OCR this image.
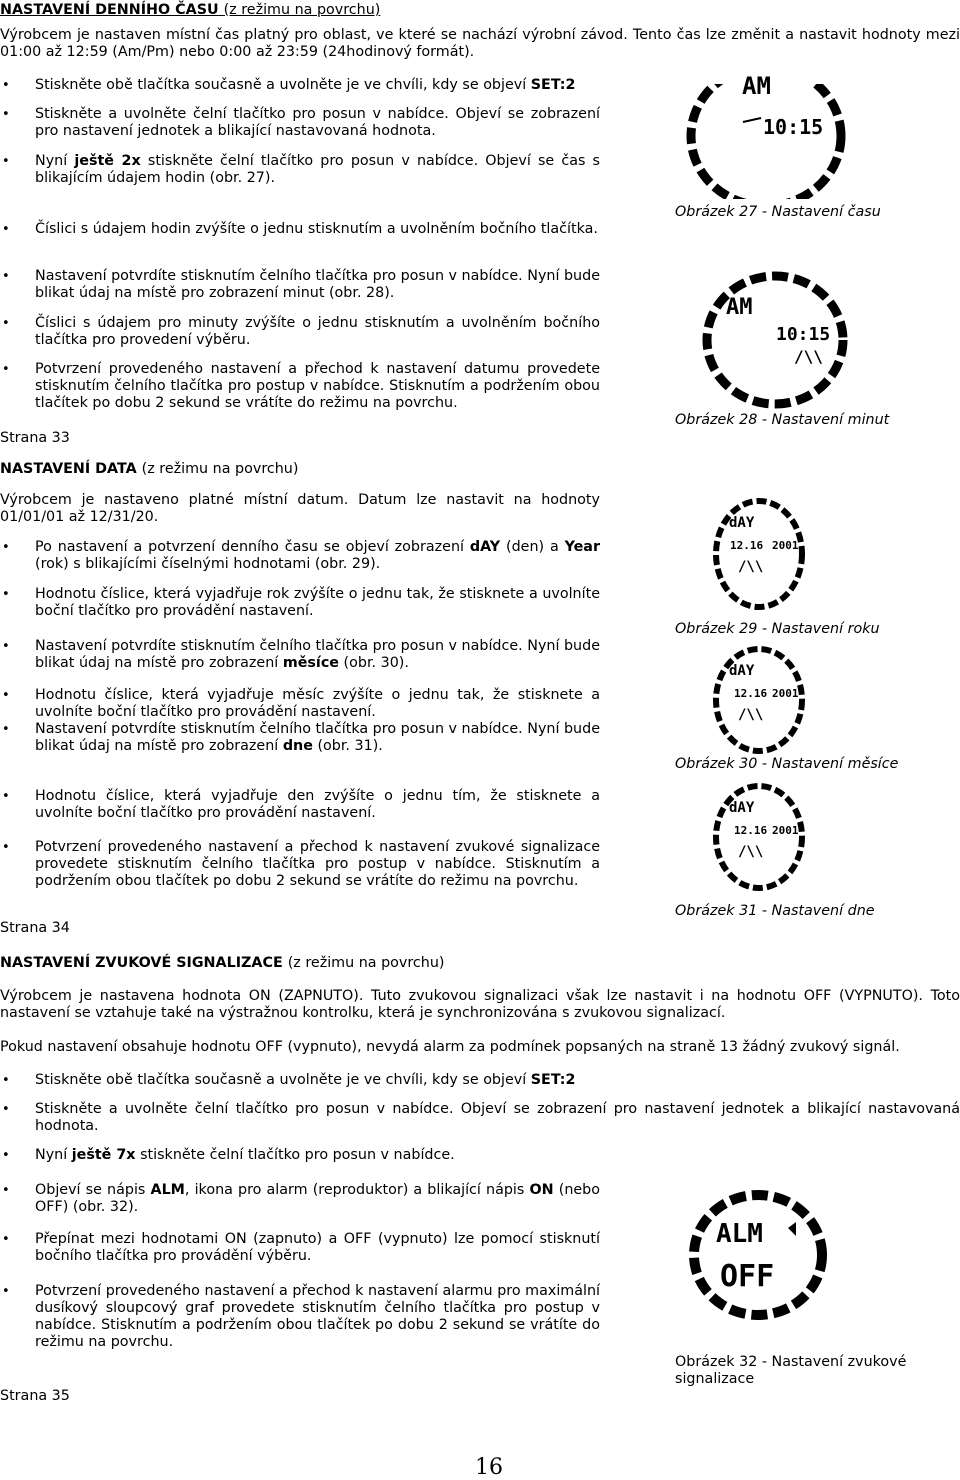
NASTAVENÍ DENNÍHO ČASU (z režimu na povrchu)

Výrobcem je nastaven místní čas platný pro oblast, ve které se nachází výrobní závod. Tento čas lze změnit a nastavit hodnoty mezi 01:00 až 12:59 (Am/Pm) nebo 0:00 až 23:59 (24hodinový formát).

• Stiskněte obě tlačítka současně a uvolněte je ve chvíli, kdy se objeví SET:2
• Stiskněte a uvolněte čelní tlačítko pro posun v nabídce. Objeví se zobrazení pro nastavení jednotek a blikající nastavovaná hodnota.
• Nyní ještě 2x stiskněte čelní tlačítko pro posun v nabídce. Objeví se čas s blikajícím údajem hodin (obr. 27).
• Číslici s údajem hodin zvýšíte o jednu stisknutím a uvolněním bočního tlačítka.
• Nastavení potvrdíte stisknutím čelního tlačítka pro posun v nabídce. Nyní bude blikat údaj na místě pro zobrazení minut (obr. 28).
• Číslici s údajem pro minuty zvýšíte o jednu stisknutím a uvolněním bočního tlačítka pro provedení výběru.
• Potvrzení provedeného nastavení a přechod k nastavení datumu provedete stisknutím čelního tlačítka pro postup v nabídce. Stisknutím a podržením obou tlačítek po dobu 2 sekund se vrátíte do režimu na povrchu.
Strana 33
NASTAVENÍ DATA (z režimu na povrchu)

Výrobcem je nastaveno platné místní datum. Datum lze nastavit na hodnoty 01/01/01 až 12/31/20.

• Po nastavení a potvrzení denního času se objeví zobrazení dAY (den) a Year (rok) s blikajícími číselnými hodnotami (obr. 29).
• Hodnotu číslice, která vyjadřuje rok zvýšíte o jednu tak, že stisknete a uvolníte boční tlačítko pro provádění nastavení.
• Nastavení potvrdíte stisknutím čelního tlačítka pro posun v nabídce. Nyní bude blikat údaj na místě pro zobrazení měsíce (obr. 30).
• Hodnotu číslice, která vyjadřuje měsíc zvýšíte o jednu tak, že stisknete a uvolníte boční tlačítko pro provádění nastavení.
• Nastavení potvrdíte stisknutím čelního tlačítka pro posun v nabídce. Nyní bude blikat údaj na místě pro zobrazení dne (obr. 31).
• Hodnotu číslice, která vyjadřuje den zvýšíte o jednu tím, že stisknete a uvolníte boční tlačítko pro provádění nastavení.
• Potvrzení provedeného nastavení a přechod k nastavení zvukové signalizace provedete stisknutím čelního tlačítka pro postup v nabídce. Stisknutím a podržením obou tlačítek po dobu 2 sekund se vrátíte do režimu na povrchu.
Strana 34
NASTAVENÍ ZVUKOVÉ SIGNALIZACE (z režimu na povrchu)

Výrobcem je nastavena hodnota ON (ZAPNUTO). Tuto zvukovou signalizaci však lze nastavit i na hodnotu OFF (VYPNUTO). Toto nastavení se vztahuje také na výstražnou kontrolku, která je synchronizována s zvukovou signalizací.

Pokud nastavení obsahuje hodnotu OFF (vypnuto), nevydá alarm za podmínek popsaných na straně 13 žádný zvukový signál.

• Stiskněte obě tlačítka současně a uvolněte je ve chvíli, kdy se objeví SET:2
• Stiskněte a uvolněte čelní tlačítko pro posun v nabídce. Objeví se zobrazení pro nastavení jednotek a blikající nastavovaná hodnota.
• Nyní ještě 7x stiskněte čelní tlačítko pro posun v nabídce.
• Objeví se nápis ALM, ikona pro alarm (reproduktor) a blikající nápis ON (nebo OFF) (obr. 32).
• Přepínat mezi hodnotami ON (zapnuto) a OFF (vypnuto) lze pomocí stisknutí bočního tlačítka pro provádění výběru.
• Potvrzení provedeného nastavení a přechod k nastavení alarmu pro maximální dusíkový sloupcový graf provedete stisknutím čelního tlačítka pro postup v nabídce. Stisknutím a podržením obou tlačítek po dobu 2 sekund se vrátíte do režimu na povrchu.
Strana 35
AM
10:15
Obrázek 27 - Nastavení času
AM
10:15
/\\
Obrázek 28 - Nastavení minut
dAY
12.16 2001
/\\
Obrázek 29 - Nastavení roku
dAY
12.16 2001
/\\
Obrázek 30 - Nastavení měsíce
dAY
12.16 2001
/\\
Obrázek 31 - Nastavení dne
ALM
OFF
Obrázek 32 - Nastavení zvukové signalizace
16
